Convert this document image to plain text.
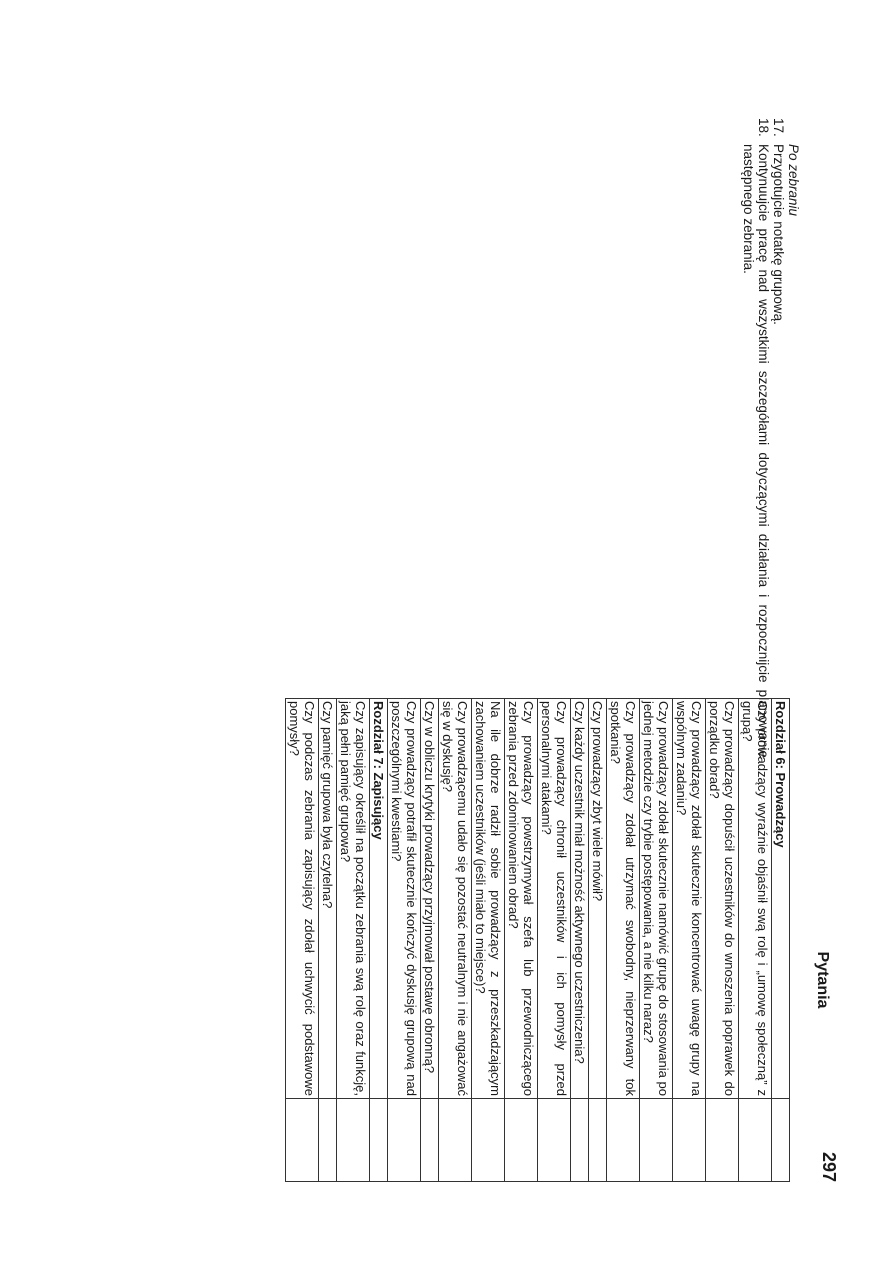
Po zebraniu
17.
Przygotujcie notatkę grupową.
18.
Kontynuujcie pracę nad wszystkimi szczegółami dotyczącymi działania i rozpocznijcie planowanie następnego zebrania.
Pytania
297
Rozdział 6: Prowadzący	
Czy prowadzący wyraźnie objaśnił swą rolę i „umowę społeczną” z grupą?	
Czy prowadzący dopuścił uczestników do wnoszenia poprawek do porządku obrad?	
Czy prowadzący zdołał skutecznie koncentrować uwagę grupy na wspólnym zadaniu?	
Czy prowadzący zdołał skutecznie namówić grupę do stosowania po jednej metodzie czy trybie postępowania, a nie kilku naraz?	
Czy prowadzący zdołał utrzymać swobodny, nieprzerwany tok spotkania?	
Czy prowadzący zbyt wiele mówił?	
Czy każdy uczestnik miał możność aktywnego uczestniczenia?	
Czy prowadzący chronił uczestników i ich pomysły przed personalnymi atakami?	
Czy prowadzący powstrzymywał szefa lub przewodniczącego zebrania przed zdominowaniem obrad?	
Na ile dobrze radził sobie prowadzący z przeszkadzającym zachowaniem uczestników (jeśli miało to miejsce)?	
Czy prowadzącemu udało się pozostać neutralnym i nie angażować się w dyskusję?	
Czy w obliczu krytyki prowadzący przyjmował postawę obronną?	
Czy prowadzący potrafił skutecznie kończyć dyskusję grupową nad poszczególnymi kwestiami?	
Rozdział 7: Zapisujący	
Czy zapisujący określił na początku zebrania swą rolę oraz funkcję, jaką pełni pamięć grupowa?	
Czy pamięć grupowa była czytelna?	
Czy podczas zebrania zapisujący zdołał uchwycić podstawowe pomysły?	
